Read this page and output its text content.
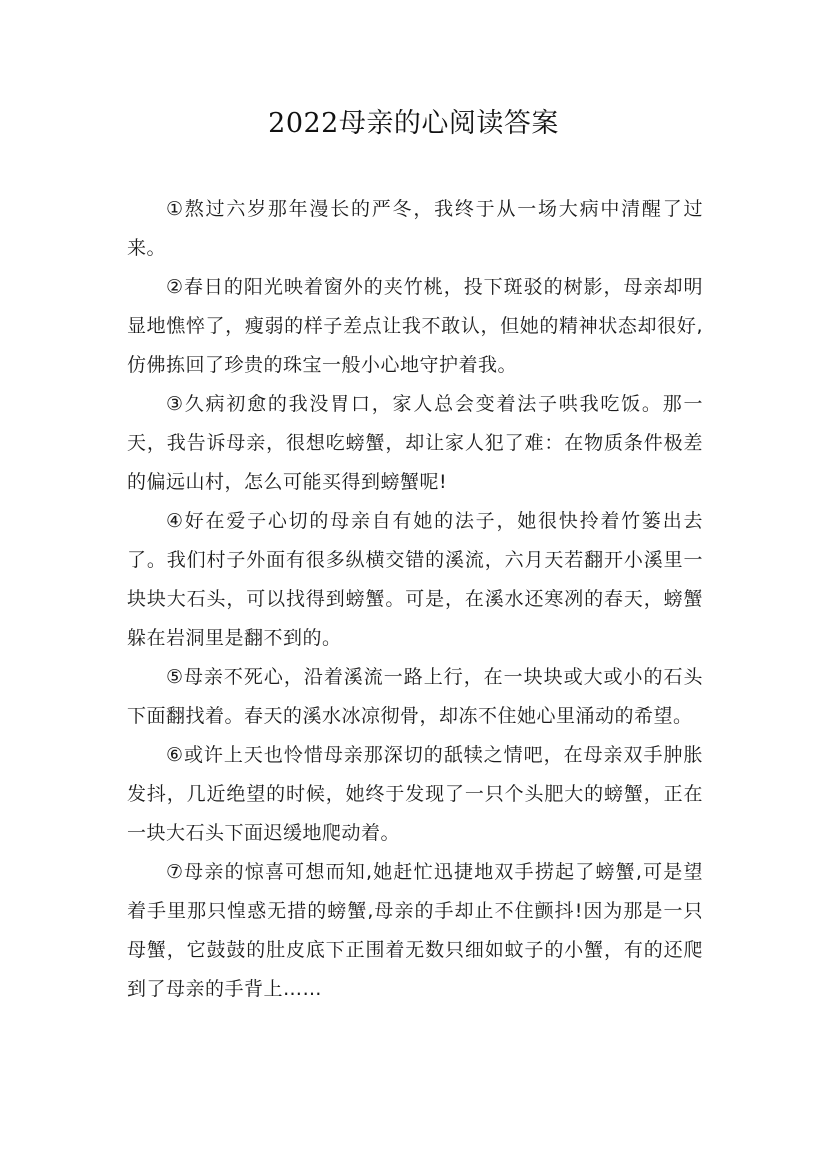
2022母亲的心阅读答案

①熬过六岁那年漫长的严冬，我终于从一场大病中清醒了过来。

②春日的阳光映着窗外的夹竹桃，投下斑驳的树影，母亲却明显地憔悴了，瘦弱的样子差点让我不敢认，但她的精神状态却很好,仿佛拣回了珍贵的珠宝一般小心地守护着我。

③久病初愈的我没胃口，家人总会变着法子哄我吃饭。那一天，我告诉母亲，很想吃螃蟹，却让家人犯了难：在物质条件极差的偏远山村，怎么可能买得到螃蟹呢!

④好在爱子心切的母亲自有她的法子，她很快拎着竹篓出去了。我们村子外面有很多纵横交错的溪流，六月天若翻开小溪里一块块大石头，可以找得到螃蟹。可是，在溪水还寒冽的春天，螃蟹躲在岩洞里是翻不到的。

⑤母亲不死心，沿着溪流一路上行，在一块块或大或小的石头下面翻找着。春天的溪水冰凉彻骨，却冻不住她心里涌动的希望。

⑥或许上天也怜惜母亲那深切的舐犊之情吧，在母亲双手肿胀发抖，几近绝望的时候，她终于发现了一只个头肥大的螃蟹，正在一块大石头下面迟缓地爬动着。

⑦母亲的惊喜可想而知,她赶忙迅捷地双手捞起了螃蟹,可是望着手里那只惶惑无措的螃蟹,母亲的手却止不住颤抖!因为那是一只母蟹，它鼓鼓的肚皮底下正围着无数只细如蚊子的小蟹，有的还爬到了母亲的手背上……
